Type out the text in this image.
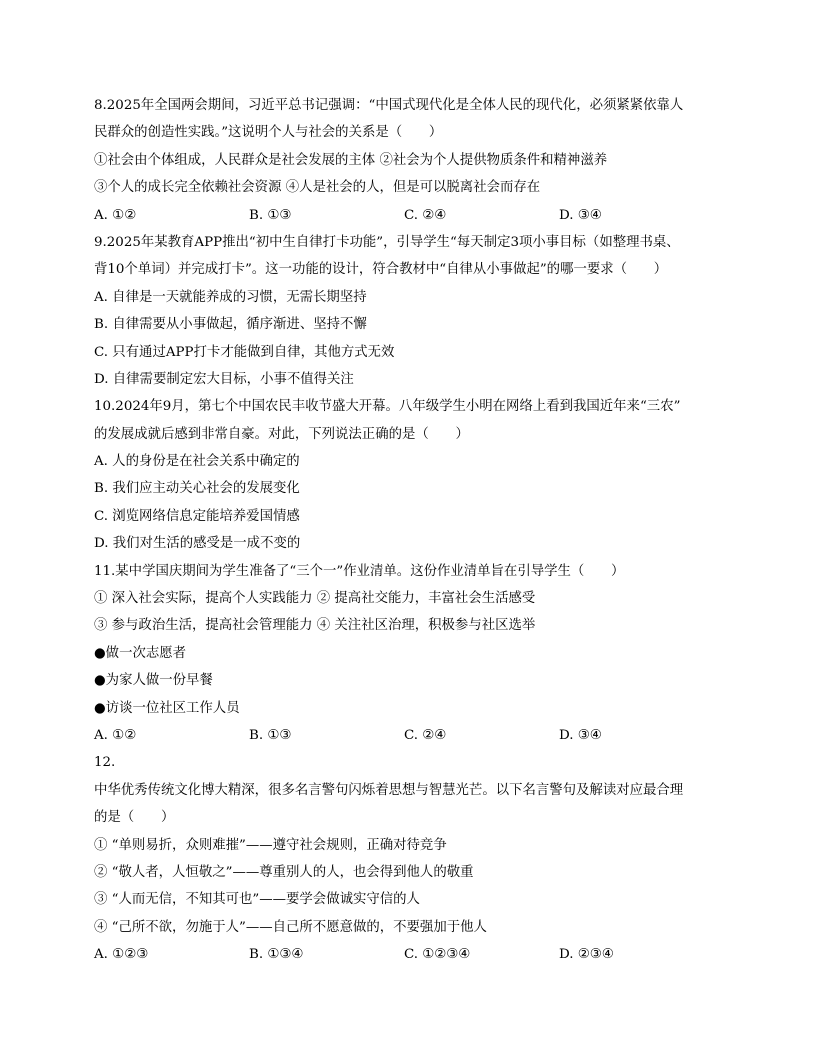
8.2025年全国两会期间，习近平总书记强调：“中国式现代化是全体人民的现代化，必须紧紧依靠人
民群众的创造性实践。”这说明个人与社会的关系是（　　）
①社会由个体组成，人民群众是社会发展的主体 ②社会为个人提供物质条件和精神滋养
③个人的成长完全依赖社会资源 ④人是社会的人，但是可以脱离社会而存在
A. ①②	B. ①③	C. ②④	D. ③④
9.2025年某教育APP推出“初中生自律打卡功能”，引导学生“每天制定3项小事目标（如整理书桌、
背10个单词）并完成打卡”。这一功能的设计，符合教材中“自律从小事做起”的哪一要求（　　）
A. 自律是一天就能养成的习惯，无需长期坚持
B. 自律需要从小事做起，循序渐进、坚持不懈
C. 只有通过APP打卡才能做到自律，其他方式无效
D. 自律需要制定宏大目标，小事不值得关注
10.2024年9月，第七个中国农民丰收节盛大开幕。八年级学生小明在网络上看到我国近年来“三农”
的发展成就后感到非常自豪。对此，下列说法正确的是（　　）
A. 人的身份是在社会关系中确定的
B. 我们应主动关心社会的发展变化
C. 浏览网络信息定能培养爱国情感
D. 我们对生活的感受是一成不变的
11.某中学国庆期间为学生准备了“三个一”作业清单。这份作业清单旨在引导学生（　　）
① 深入社会实际，提高个人实践能力 ② 提高社交能力，丰富社会生活感受
③ 参与政治生活，提高社会管理能力 ④ 关注社区治理，积极参与社区选举
●做一次志愿者
●为家人做一份早餐
●访谈一位社区工作人员
A. ①②	B. ①③	C. ②④	D. ③④
12.
中华优秀传统文化博大精深，很多名言警句闪烁着思想与智慧光芒。以下名言警句及解读对应最合理
的是（　　）
① “单则易折，众则难摧”——遵守社会规则，正确对待竞争
② “敬人者，人恒敬之”——尊重别人的人，也会得到他人的敬重
③ “人而无信，不知其可也”——要学会做诚实守信的人
④ “己所不欲，勿施于人”——自己所不愿意做的，不要强加于他人
A. ①②③	B. ①③④	C. ①②③④	D. ②③④
